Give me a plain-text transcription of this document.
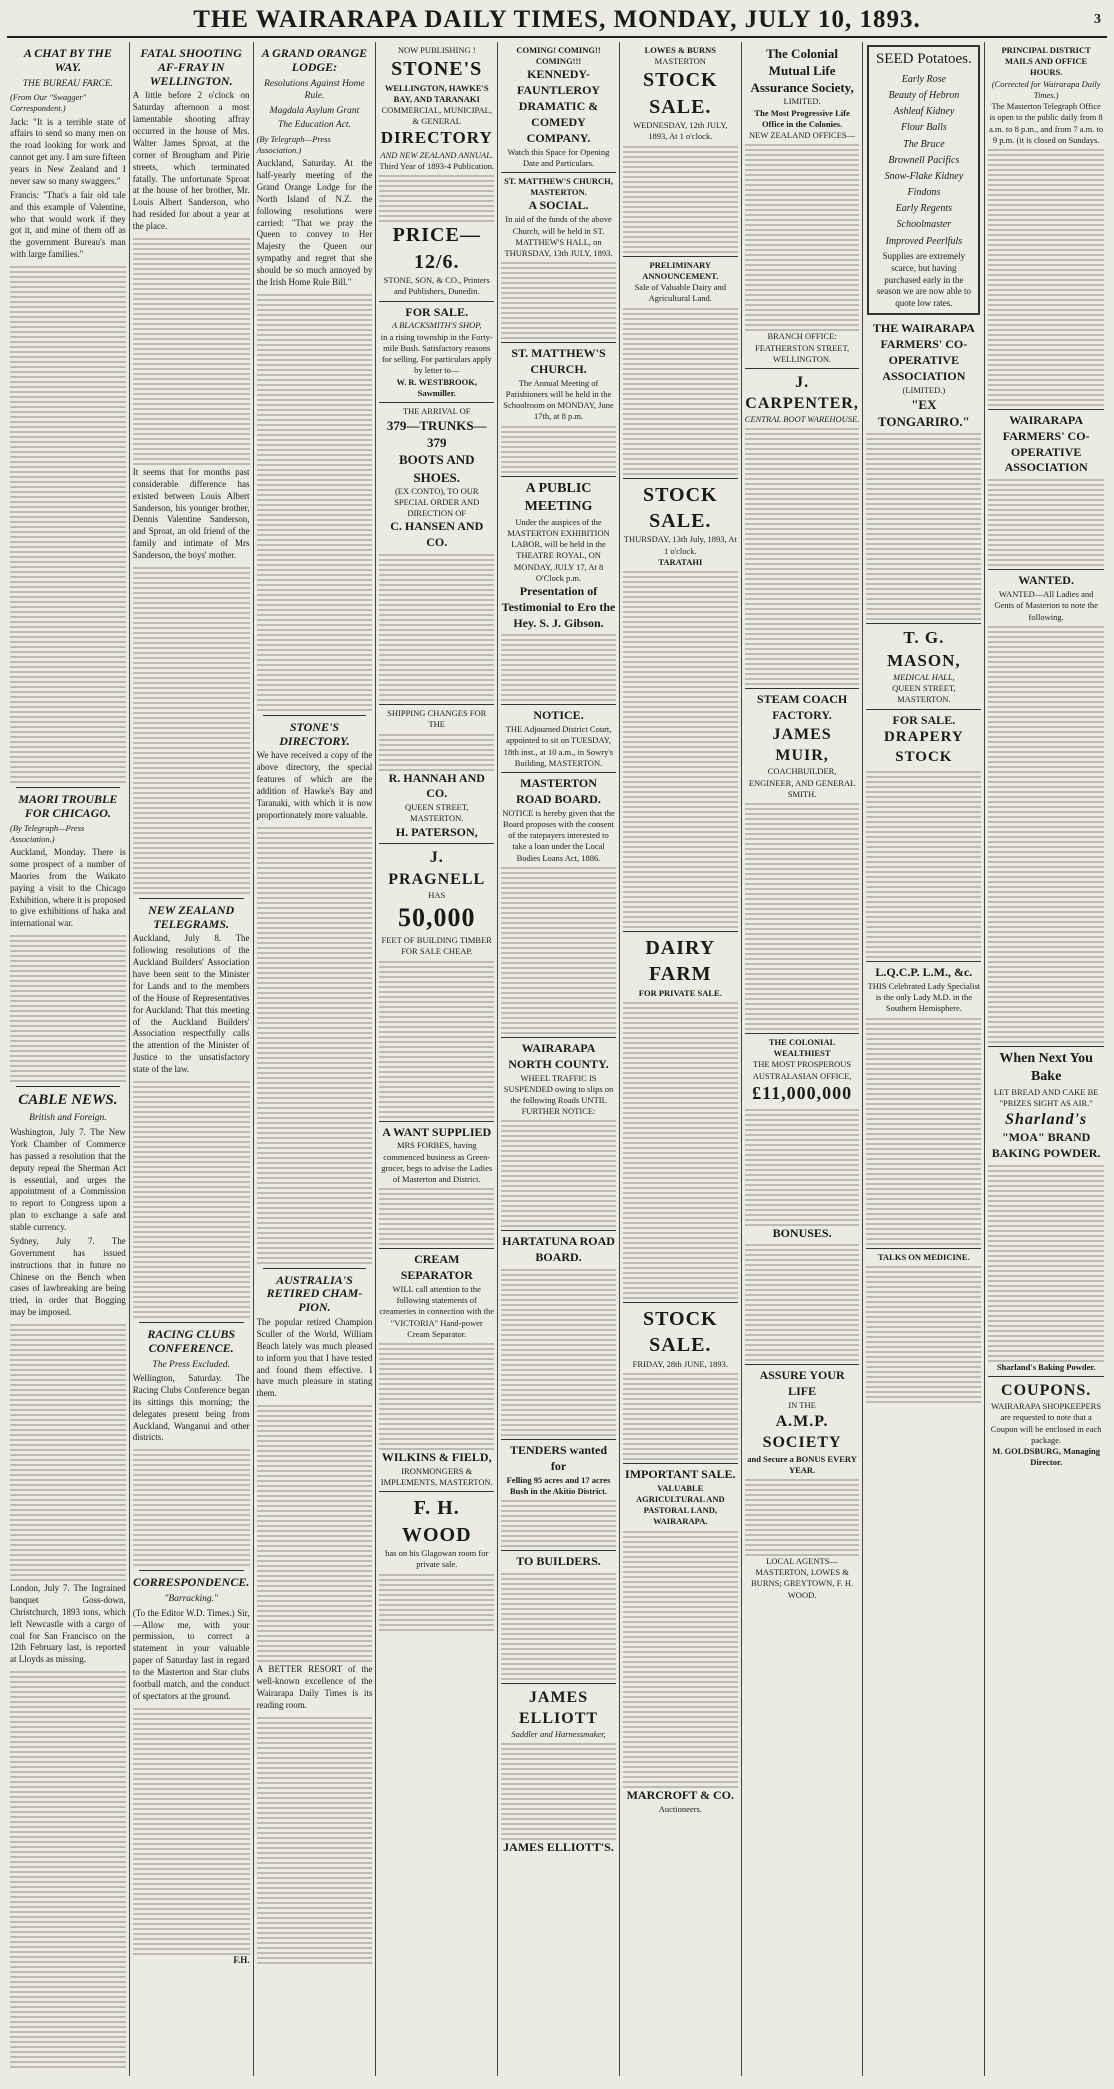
THE WAIRARAPA DAILY TIMES, MONDAY, JULY 10, 1893.	3
A CHAT BY THE WAY.
THE BUREAU FARCE.
(From Our "Swagger" Correspondent.)

Jack: "It is a terrible state of affairs to send so many men on the road looking for work and cannot get any. I am sure fifteen years in New Zealand and I never saw so many swaggers."

Francis: "That's a fair old tale and this example of Valentine, who that would work if they got it, and mine of them off as the government Bureau's man with large families."

MAORI TROUBLE FOR CHICAGO.
(By Telegraph—Press Association.)

Auckland, Monday. There is some prospect of a number of Maories from the Waikato paying a visit to the Chicago Exhibition, where it is proposed to give exhibitions of haka and international war.

CABLE NEWS.
British and Foreign.

Washington, July 7. The New York Chamber of Commerce has passed a resolution that the deputy repeal the Sherman Act is essential, and urges the appointment of a Commission to report to Congress upon a plan to exchange a safe and stable currency.

Sydney, July 7. The Government has issued instructions that in future no Chinese on the Bench when cases of lawbreaking are being tried, in order that Bogging may be imposed.

London, July 7. The Ingrained banquet Goss-down, Christchurch, 1893 tons, which left Newcastle with a cargo of coal for San Francisco on the 12th February last, is reported at Lloyds as missing.

FATAL SHOOTING AF-FRAY IN WELLINGTON.

A little before 2 o'clock on Saturday afternoon a most lamentable shooting affray occurred in the house of Mrs. Walter James Sproat, at the corner of Brougham and Pirie streets, which terminated fatally. The unfortunate Sproat at the house of her brother, Mr. Louis Albert Sanderson, who had resided for about a year at the place.

It seems that for months past considerable difference has existed between Louis Albert Sanderson, his younger brother, Dennis Valentine Sanderson, and Sproat, an old friend of the family and intimate of Mrs Sanderson, the boys' mother.

NEW ZEALAND TELEGRAMS.

Auckland, July 8. The following resolutions of the Auckland Builders' Association have been sent to the Minister for Lands and to the members of the House of Representatives for Auckland: That this meeting of the Auckland Builders' Association respectfully calls the attention of the Minister of Justice to the unsatisfactory state of the law.

RACING CLUBS CONFERENCE.
The Press Excluded.

Wellington, Saturday. The Racing Clubs Conference began its sittings this morning; the delegates present being from Auckland, Wanganui and other districts.

CORRESPONDENCE.
"Barracking."

(To the Editor W.D. Times.) Sir,—Allow me, with your permission, to correct a statement in your valuable paper of Saturday last in regard to the Masterton and Star clubs football match, and the conduct of spectators at the ground.

F.H.
A GRAND ORANGE LODGE:
Resolutions Against Home Rule.
Magdala Asylum Grant
The Education Act.
(By Telegraph—Press Association.)

Auckland, Saturday. At the half-yearly meeting of the Grand Orange Lodge for the North Island of N.Z. the following resolutions were carried: "That we pray the Queen to convey to Her Majesty the Queen our sympathy and regret that she should be so much annoyed by the Irish Home Rule Bill."

STONE'S DIRECTORY.

We have received a copy of the above directory, the special features of which are the addition of Hawke's Bay and Taranaki, with which it is now proportionately more valuable.

AUSTRALIA'S RETIRED CHAM-PION.

The popular retired Champion Sculler of the World, William Beach lately was much pleased to inform you that I have tested and found them effective. I have much pleasure in stating them.

A BETTER RESORT of the well-known excellence of the Wairarapa Daily Times is its reading room.

NOW PUBLISHING !
STONE'S
WELLINGTON, HAWKE'S BAY, AND TARANAKI
COMMERCIAL, MUNICIPAL, & GENERAL
DIRECTORY
AND NEW ZEALAND ANNUAL.
Third Year of 1893-4 Publication.
PRICE—12/6.
STONE, SON, & CO., Printers and Publishers, Dunedin.
FOR SALE.
A BLACKSMITH'S SHOP,
in a rising township in the Forty-mile Bush. Satisfactory reasons for selling. For particulars apply by letter to—
W. R. WESTBROOK, Sawmiller.
THE ARRIVAL OF
379—TRUNKS—379
BOOTS AND SHOES.
(EX CONTO), TO OUR SPECIAL ORDER AND DIRECTION OF
C. HANSEN AND CO.
SHIPPING CHANGES FOR THE
R. HANNAH AND CO.
QUEEN STREET, MASTERTON.
H. PATERSON,
J. PRAGNELL
HAS
50,000
FEET OF BUILDING TIMBER FOR SALE CHEAP.
A WANT SUPPLIED
MRS FORBES, having commenced business as Green-grocer, begs to advise the Ladies of Masterton and District.
CREAM SEPARATOR
WILL call attention to the following statements of creameries in connection with the "VICTORIA" Hand-power Cream Separator.
WILKINS & FIELD,
IRONMONGERS & IMPLEMENTS, MASTERTON.
F. H. WOOD
has on his Glagowan room for private sale.
COMING! COMING!! COMING!!!
KENNEDY-FAUNTLEROY DRAMATIC & COMEDY COMPANY.
Watch this Space for Opening Date and Particulars.
ST. MATTHEW'S CHURCH, MASTERTON.
A SOCIAL.
In aid of the funds of the above Church, will be held in ST. MATTHEW'S HALL, on THURSDAY, 13th JULY, 1893.
ST. MATTHEW'S CHURCH.
The Annual Meeting of Parishioners will be held in the Schoolroom on MONDAY, June 17th, at 8 p.m.
A PUBLIC MEETING
Under the auspices of the MASTERTON EXHIBITION LABOR, will be held in the THEATRE ROYAL, ON MONDAY, JULY 17, At 8 O'Clock p.m.
Presentation of Testimonial to Ero the Hey. S. J. Gibson.
NOTICE.
THE Adjourned District Court, appointed to sit on TUESDAY, 18th inst., at 10 a.m., in Sowry's Building, MASTERTON.
MASTERTON ROAD BOARD.
NOTICE is hereby given that the Board proposes with the consent of the ratepayers interested to take a loan under the Local Bodies Loans Act, 1886.
WAIRARAPA NORTH COUNTY.
WHEEL TRAFFIC IS SUSPENDED owing to slips on the following Roads UNTIL FURTHER NOTICE:
HARTATUNA ROAD BOARD.
TENDERS wanted for
Felling 95 acres and 17 acres Bush in the Akitio District.
TO BUILDERS.
JAMES ELLIOTT
Saddler and Harnessmaker,
JAMES ELLIOTT'S.
LOWES & BURNS
MASTERTON
STOCK SALE.
WEDNESDAY, 12th JULY, 1893, At 1 o'clock.
PRELIMINARY ANNOUNCEMENT.
Sale of Valuable Dairy and Agricultural Land.
STOCK SALE.
THURSDAY, 13th July, 1893, At 1 o'clock.
TARATAHI
DAIRY FARM
FOR PRIVATE SALE.
STOCK SALE.
FRIDAY, 28th JUNE, 1893.
IMPORTANT SALE.
VALUABLE AGRICULTURAL AND PASTORAL LAND, WAIRARAPA.
MARCROFT & CO.
Auctioneers.
The Colonial Mutual Life Assurance Society,
LIMITED.
The Most Progressive Life Office in the Colonies.
NEW ZEALAND OFFICES—
BRANCH OFFICE: FEATHERSTON STREET, WELLINGTON.
J. CARPENTER,
CENTRAL BOOT WAREHOUSE.
STEAM COACH FACTORY.
JAMES MUIR,
COACHBUILDER, ENGINEER, AND GENERAL SMITH.
THE COLONIAL WEALTHIEST
THE MOST PROSPEROUS AUSTRALASIAN OFFICE,
£11,000,000
BONUSES.
ASSURE YOUR LIFE
IN THE
A.M.P. SOCIETY
and Secure a BONUS EVERY YEAR.
LOCAL AGENTS—MASTERTON, LOWES & BURNS; GREYTOWN, F. H. WOOD.
SEED Potatoes.
Early Rose
Beauty of Hebron
Ashleaf Kidney
Flour Balls
The Bruce
Brownell Pacifics
Snow-Flake Kidney
Findons
Early Regents
Schoolmaster
Improved Peerlfuls
Supplies are extremely scarce, but having purchased early in the season we are now able to quote low rates.
THE WAIRARAPA FARMERS' CO-OPERATIVE ASSOCIATION
(LIMITED.)
"EX TONGARIRO."
T. G. MASON,
MEDICAL HALL,
QUEEN STREET, MASTERTON.
FOR SALE.
DRAPERY STOCK
L.Q.C.P. L.M., &c.
THIS Celebrated Lady Specialist is the only Lady M.D. in the Southern Hemisphere.
TALKS ON MEDICINE.
PRINCIPAL DISTRICT MAILS AND OFFICE HOURS.
(Corrected for Wairarapa Daily Times.)
The Masterton Telegraph Office is open to the public daily from 8 a.m. to 8 p.m., and from 7 a.m. to 9 p.m. (it is closed on Sundays.
WAIRARAPA FARMERS' CO-OPERATIVE ASSOCIATION
WANTED.
WANTED—All Ladies and Gents of Masterton to note the following.
When Next You Bake
LET BREAD AND CAKE BE "PRIZES SIGHT AS AIR."
Sharland's
"MOA" BRAND
BAKING POWDER.
Sharland's Baking Powder.
COUPONS.
WAIRARAPA SHOPKEEPERS are requested to note that a Coupon will be enclosed in each package.
M. GOLDSBURG, Managing Director.
